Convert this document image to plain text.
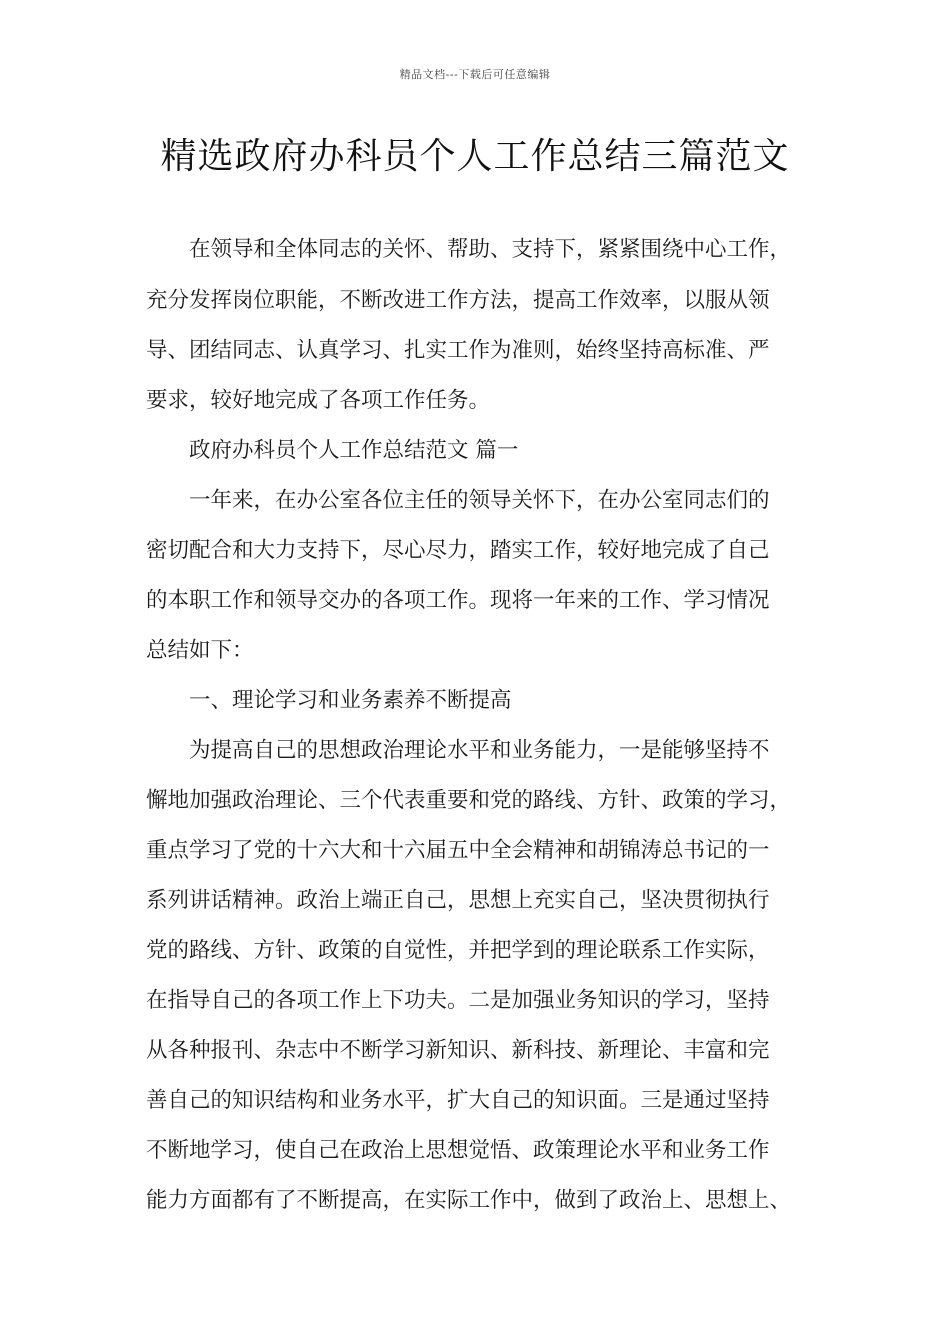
精品文档---下载后可任意编辑
精选政府办科员个人工作总结三篇范文
在领导和全体同志的关怀、帮助、支持下，紧紧围绕中心工作，
充分发挥岗位职能，不断改进工作方法，提高工作效率，以服从领
导、团结同志、认真学习、扎实工作为准则，始终坚持高标准、严
要求，较好地完成了各项工作任务。
政府办科员个人工作总结范文 篇一
一年来，在办公室各位主任的领导关怀下，在办公室同志们的
密切配合和大力支持下，尽心尽力，踏实工作，较好地完成了自己
的本职工作和领导交办的各项工作。现将一年来的工作、学习情况
总结如下：
一、理论学习和业务素养不断提高
为提高自己的思想政治理论水平和业务能力，一是能够坚持不
懈地加强政治理论、三个代表重要和党的路线、方针、政策的学习，
重点学习了党的十六大和十六届五中全会精神和胡锦涛总书记的一
系列讲话精神。政治上端正自己，思想上充实自己，坚决贯彻执行
党的路线、方针、政策的自觉性，并把学到的理论联系工作实际，
在指导自己的各项工作上下功夫。二是加强业务知识的学习，坚持
从各种报刊、杂志中不断学习新知识、新科技、新理论、丰富和完
善自己的知识结构和业务水平，扩大自己的知识面。三是通过坚持
不断地学习，使自己在政治上思想觉悟、政策理论水平和业务工作
能力方面都有了不断提高，在实际工作中，做到了政治上、思想上、
